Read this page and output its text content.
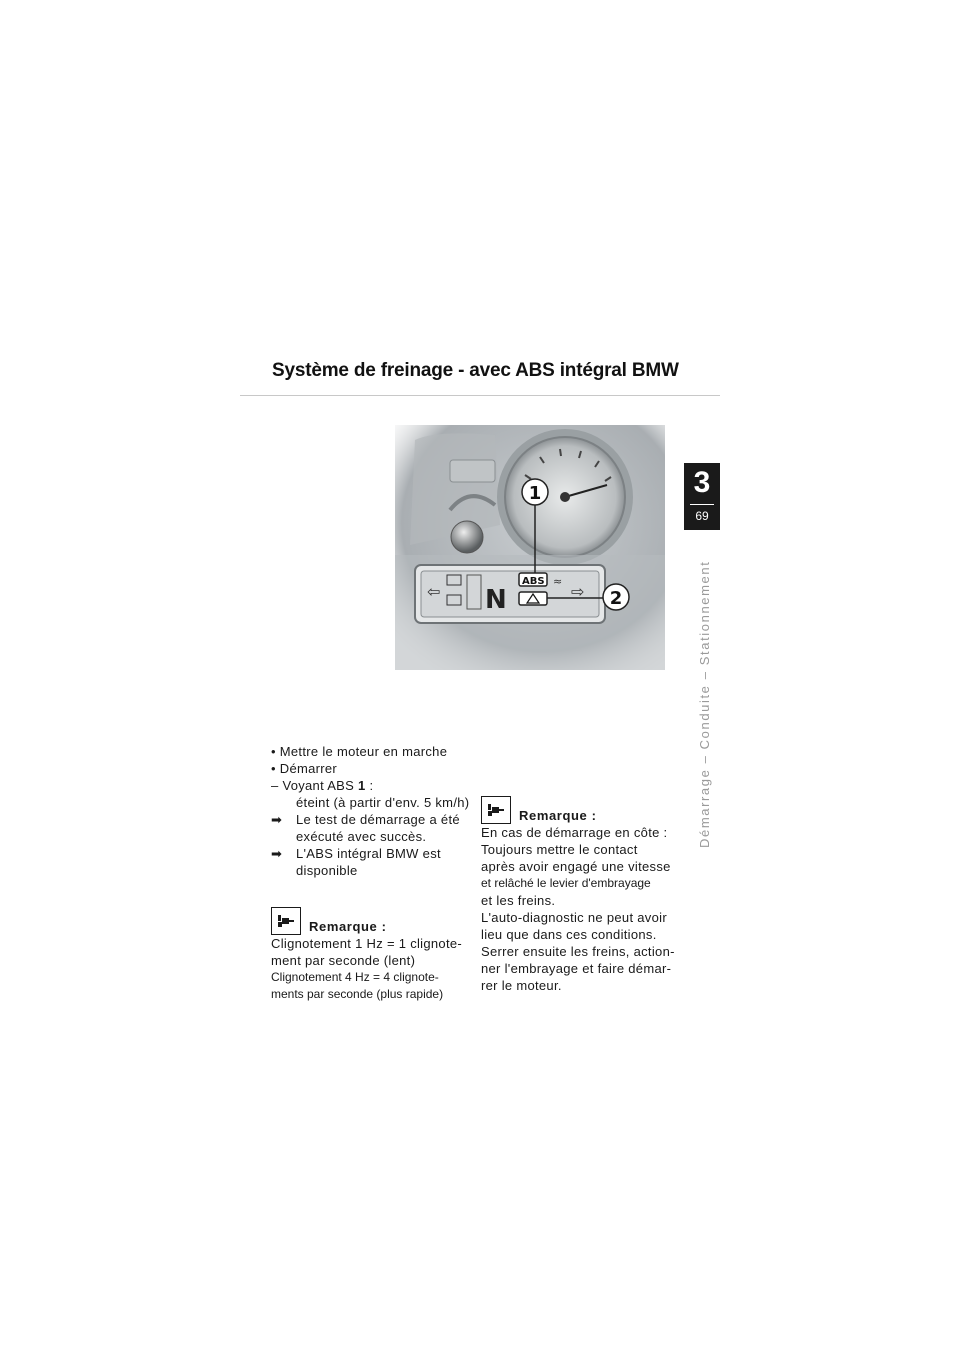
Système de freinage - avec ABS intégral BMW
⇦ N
ABS ≈
⇨
1
2
3
69
Démarrage – Conduite – Stationnement
• Mettre le moteur en marche
• Démarrer
– Voyant ABS 1 :
éteint (à partir d'env. 5 km/h)
➡ Le test de démarrage a été
exécuté avec succès.
➡ L'ABS intégral BMW est
disponible
Remarque :
Clignotement 1 Hz = 1 clignote-
ment par seconde (lent)
Clignotement 4 Hz = 4 clignote-
ments par seconde (plus rapide)
Remarque :
En cas de démarrage en côte :
Toujours mettre le contact
après avoir engagé une vitesse
et relâché le levier d'embrayage
et les freins.
L'auto-diagnostic ne peut avoir
lieu que dans ces conditions.
Serrer ensuite les freins, action-
ner l'embrayage et faire démar-
rer le moteur.
